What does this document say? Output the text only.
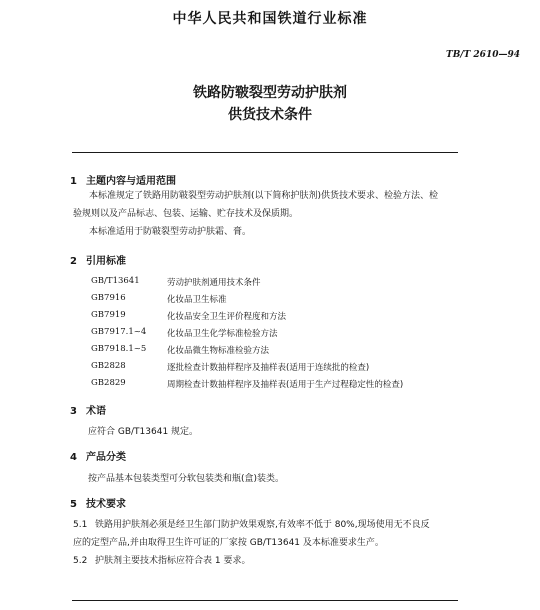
中华人民共和国铁道行业标准
TB/T 2610—94
铁路防皲裂型劳动护肤剂
供货技术条件
1 主题内容与适用范围
本标准规定了铁路用防皲裂型劳动护肤剂(以下简称护肤剂)供货技术要求、检验方法、检
验规则以及产品标志、包装、运输、贮存技术及保质期。
本标准适用于防皲裂型劳动护肤霜、膏。
2 引用标准
GB/T13641	劳动护肤剂通用技术条件
GB7916	化妆品卫生标准
GB7919	化妆品安全卫生评价程度和方法
GB7917.1~4 化妆品卫生化学标准检验方法
GB7918.1~5 化妆品微生物标准检验方法
GB2828	逐批检查计数抽样程序及抽样表(适用于连续批的检查)
GB2829	周期检查计数抽样程序及抽样表(适用于生产过程稳定性的检查)
3 术语
应符合 GB/T13641 规定。
4 产品分类
按产品基本包装类型可分软包装类和瓶(盒)装类。
5 技术要求
5.1 铁路用护肤剂必须是经卫生部门防护效果观察,有效率不低于 80%,现场使用无不良反
应的定型产品,并由取得卫生许可证的厂家按 GB/T13641 及本标准要求生产。
5.2 护肤剂主要技术指标应符合表 1 要求。
